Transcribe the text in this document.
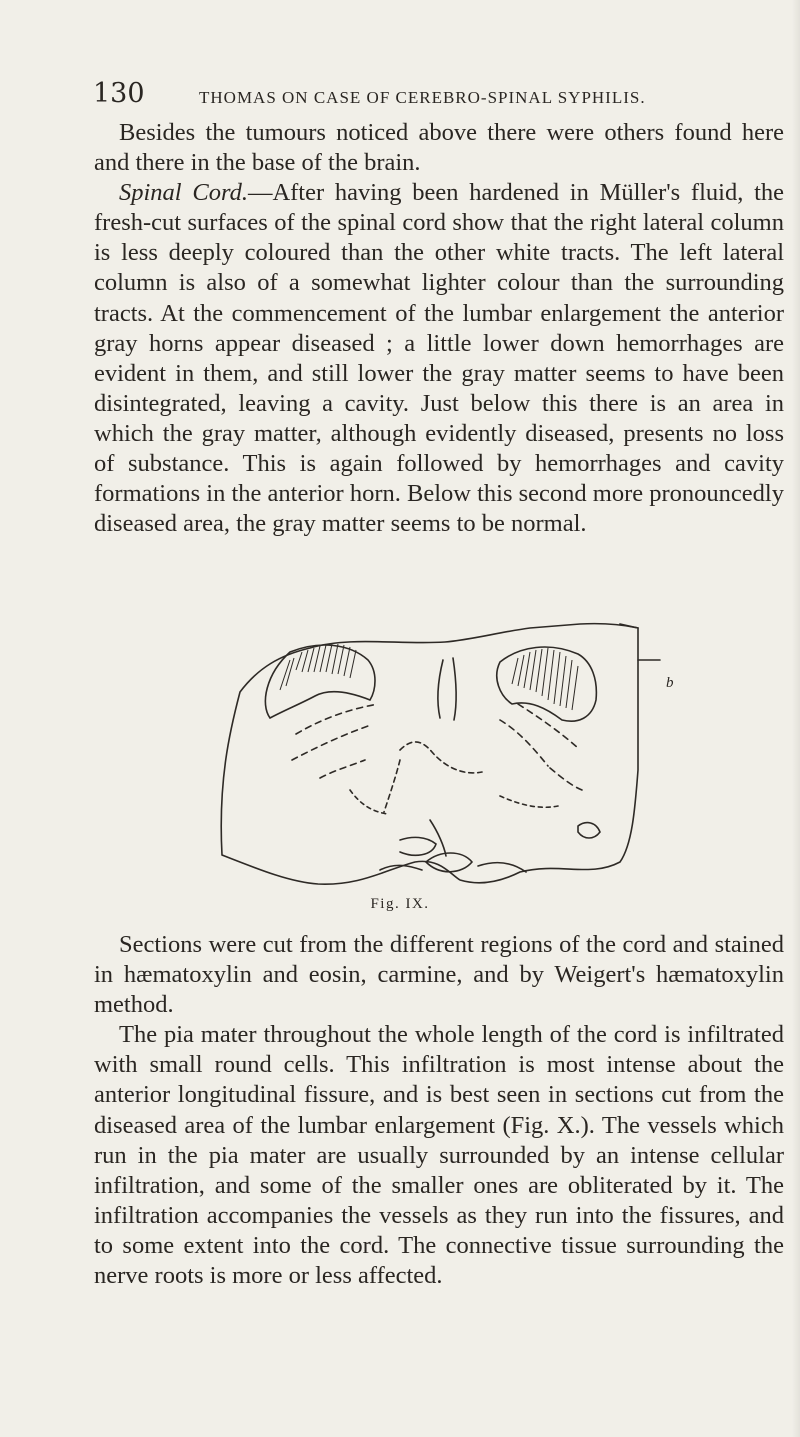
130	THOMAS ON CASE OF CEREBRO-SPINAL SYPHILIS.

Besides the tumours noticed above there were others found here and there in the base of the brain.

Spinal Cord.—After having been hardened in Müller's fluid, the fresh-cut surfaces of the spinal cord show that the right lateral column is less deeply coloured than the other white tracts. The left lateral column is also of a somewhat lighter colour than the surrounding tracts. At the commencement of the lumbar enlargement the anterior gray horns appear diseased ; a little lower down hemorrhages are evident in them, and still lower the gray matter seems to have been disintegrated, leaving a cavity. Just below this there is an area in which the gray matter, although evidently diseased, presents no loss of substance. This is again followed by hemorrhages and cavity formations in the anterior horn. Below this second more pronouncedly diseased area, the gray matter seems to be normal.

b
Fig. IX.

Sections were cut from the different regions of the cord and stained in hæmatoxylin and eosin, carmine, and by Weigert's hæmatoxylin method.

The pia mater throughout the whole length of the cord is infiltrated with small round cells. This infiltration is most intense about the anterior longitudinal fissure, and is best seen in sections cut from the diseased area of the lumbar enlargement (Fig. X.). The vessels which run in the pia mater are usually surrounded by an intense cellular infiltration, and some of the smaller ones are obliterated by it. The infiltration accompanies the vessels as they run into the fissures, and to some extent into the cord. The connective tissue surrounding the nerve roots is more or less affected.
